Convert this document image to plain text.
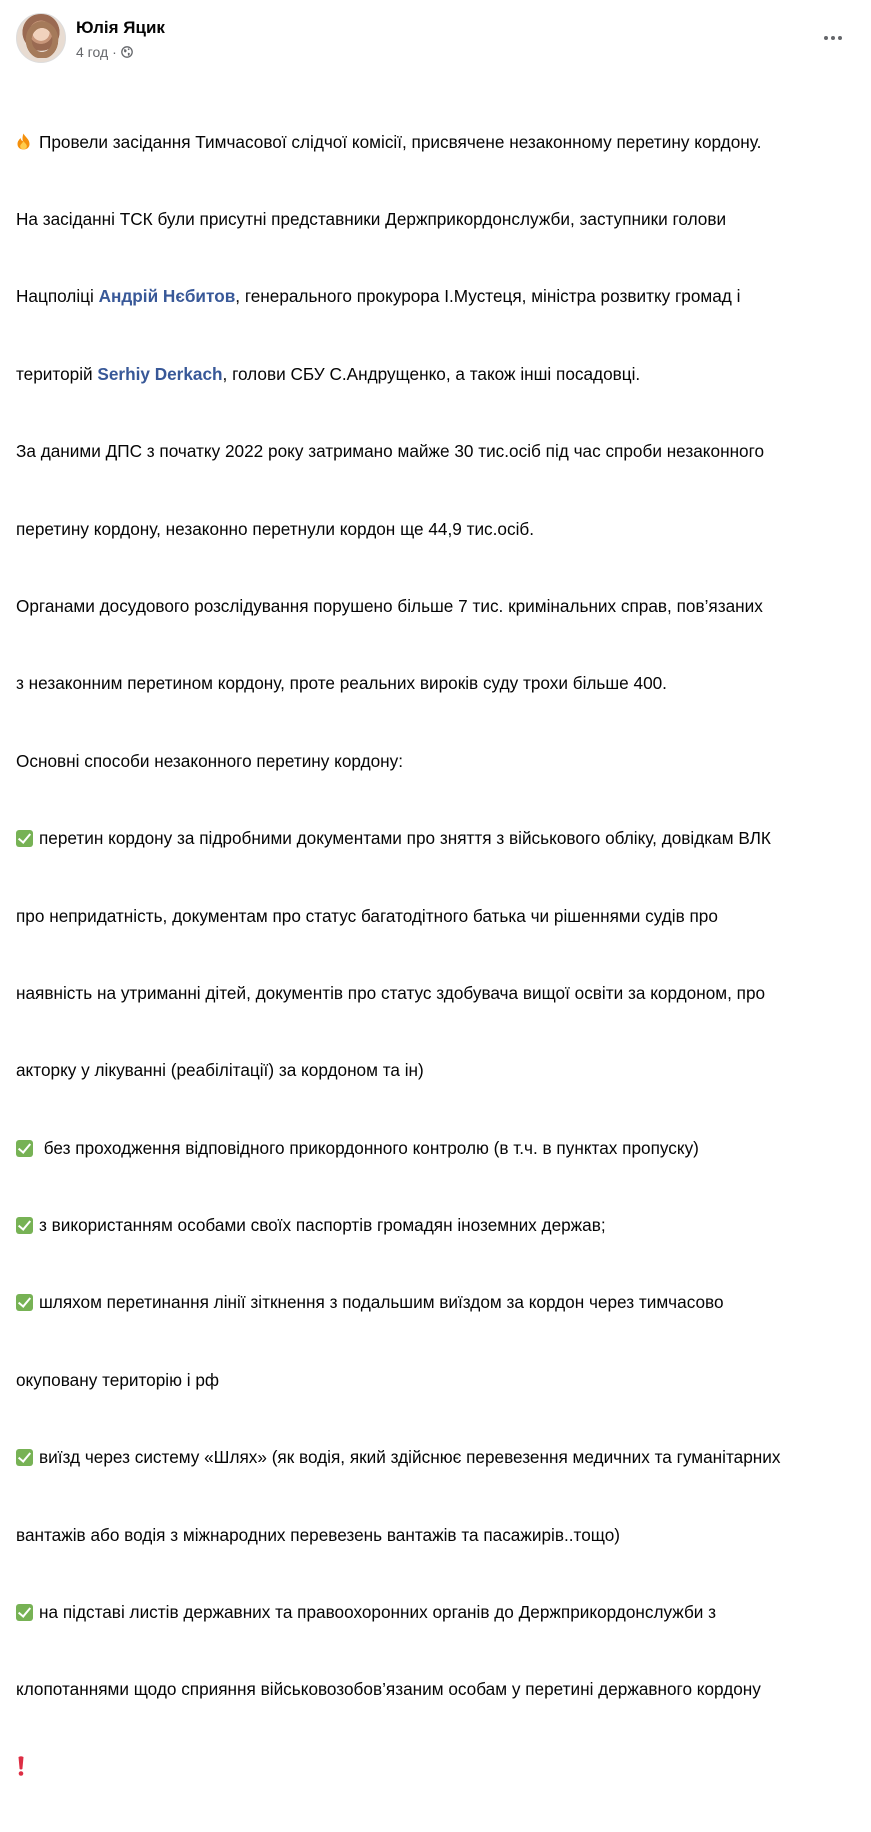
Юлія Яцик
4 год ·

Провели засідання Тимчасової слідчої комісії, присвячене незаконному перетину кордону.

На засіданні ТСК були присутні представники Держприкордонслужби, заступники голови

Нацполіці Андрій Нєбитов, генерального прокурора І.Мустеця, міністра розвитку громад і

територій Serhiy Derkach, голови СБУ С.Андрущенко, а також інші посадовці.

За даними ДПС з початку 2022 року затримано майже 30 тис.осіб під час спроби незаконного

перетину кордону, незаконно перетнули кордон ще 44,9 тис.осіб.

Органами досудового розслідування порушено більше 7 тис. кримінальних справ, пов’язаних

з незаконним перетином кордону, проте реальних вироків суду трохи більше 400.

Основні способи незаконного перетину кордону:

перетин кордону за підробними документами про зняття з військового обліку, довідкам ВЛК

про непридатність, документам про статус багатодітного батька чи рішеннями судів про

наявність на утриманні дітей, документів про статус здобувача вищої освіти за кордоном, про

акторку у лікуванні (реабілітації) за кордоном та ін)

без проходження відповідного прикордонного контролю (в т.ч. в пунктах пропуску)

з використанням особами своїх паспортів громадян іноземних держав;

шляхом перетинання лінії зіткнення з подальшим виїздом за кордон через тимчасово

окуповану територію і рф

виїзд через систему «Шлях» (як водія, який здійснює перевезення медичних та гуманітарних

вантажів або водія з міжнародних перевезень вантажів та пасажирів..тощо)

на підставі листів державних та правоохоронних органів до Держприкордонслужби з

клопотаннями щодо сприяння військовозобов’язаним особам у перетині державного кордону
